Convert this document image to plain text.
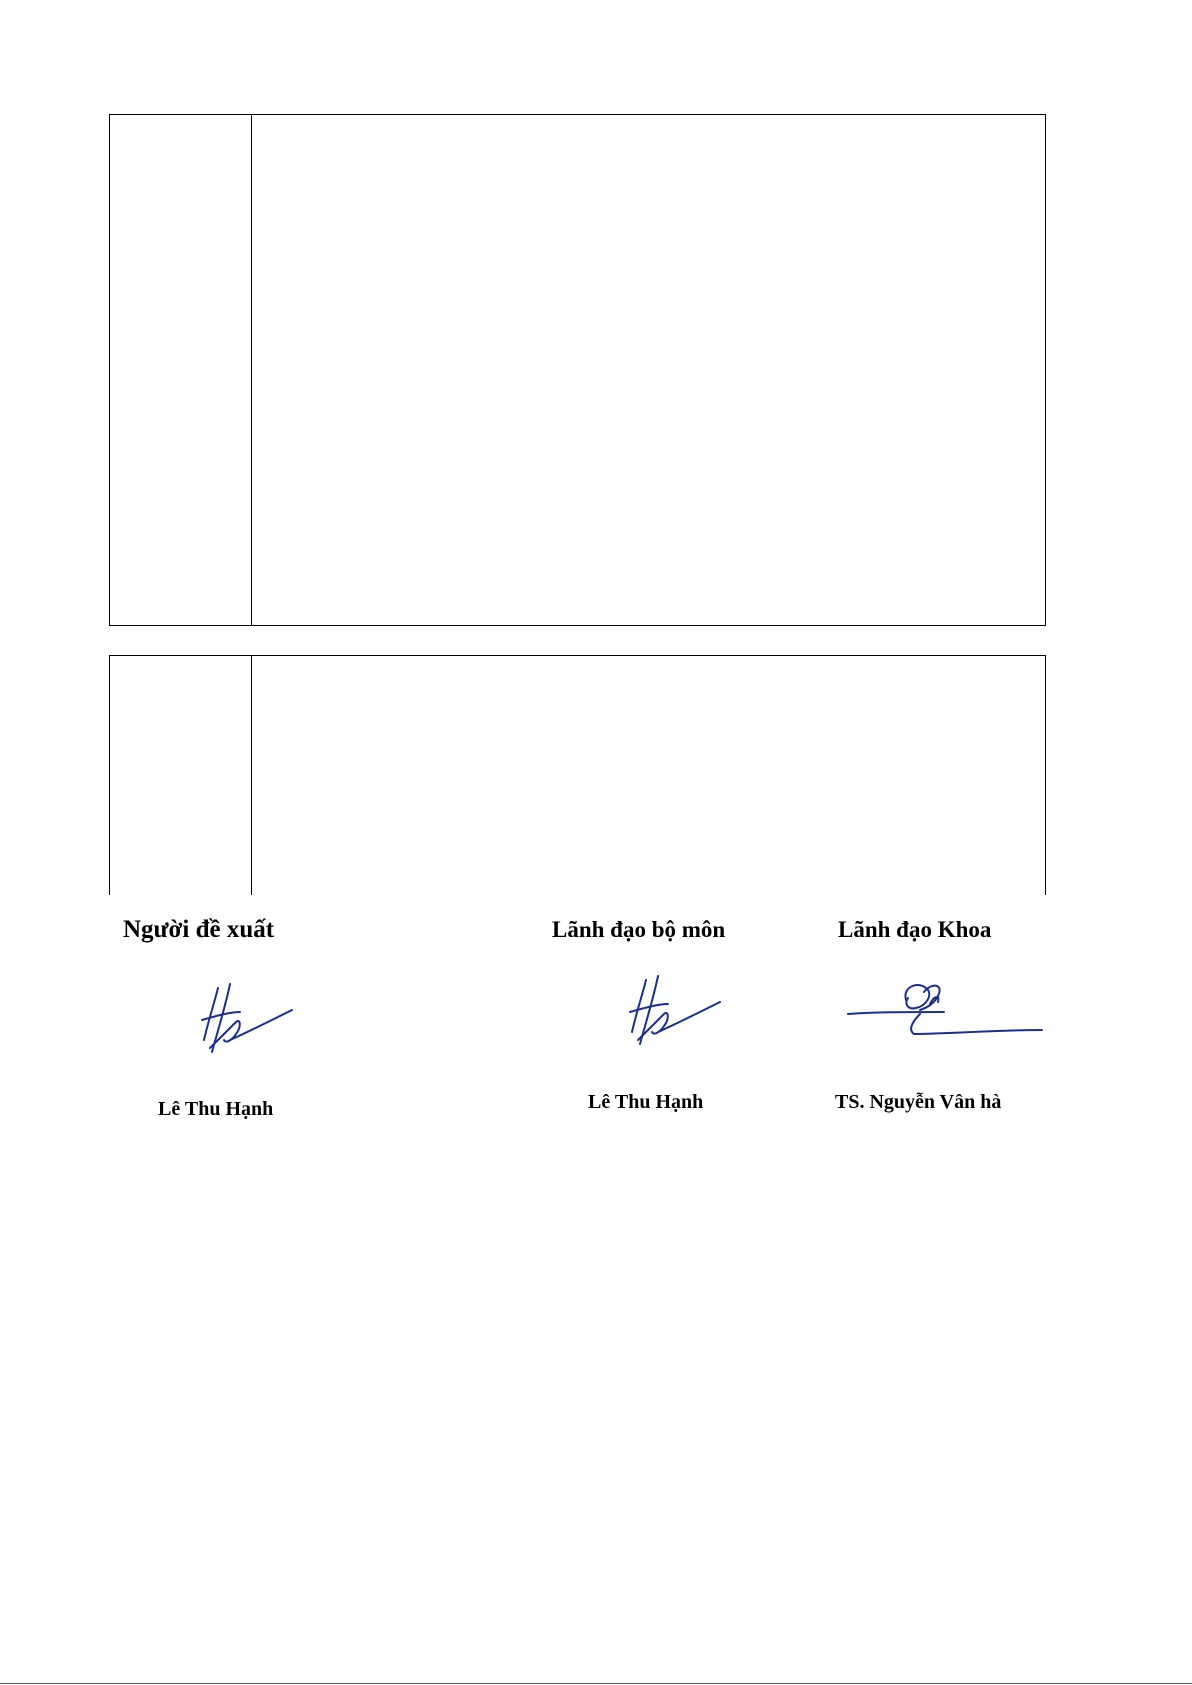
Người đề xuất
Lê Thu Hạnh
Lãnh đạo bộ môn
Lê Thu Hạnh
Lãnh đạo Khoa
TS. Nguyễn Vân hà
